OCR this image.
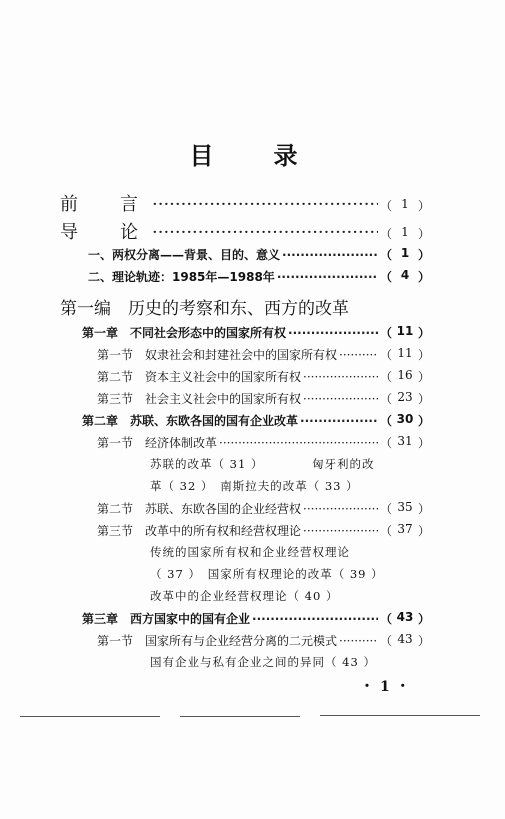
目　录
前　言 ·····	（ 1 ）
导　论 ·····	（ 1 ）
一、两权分离——背景、目的、意义 ·····	（ 1 ）
二、理论轨迹：1985年—1988年 ·····	（ 4 ）
第一编　历史的考察和东、西方的改革
第一章　不同社会形态中的国家所有权 ·····	（ 11 ）
第一节　奴隶社会和封建社会中的国家所有权 ·····	（ 11 ）
第二节　资本主义社会中的国家所有权 ·····	（ 16 ）
第三节　社会主义社会中的国家所有权 ·····	（ 23 ）
第二章　苏联、东欧各国的国有企业改革 ·····	（ 30 ）
第一节　经济体制改革 ·····	（ 31 ）
苏联的改革（ 31 ）	匈牙利的改
革（ 32 ）　南斯拉夫的改革（ 33 ）
第二节　苏联、东欧各国的企业经营权 ·····	（ 35 ）
第三节　改革中的所有权和经营权理论 ·····	（ 37 ）
传统的国家所有权和企业经营权理论
（ 37 ）　国家所有权理论的改革（ 39 ）
改革中的企业经营权理论（ 40 ）
第三章　西方国家中的国有企业 ·····	（ 43 ）
第一节　国家所有与企业经营分离的二元模式 ·····	（ 43 ）
国有企业与私有企业之间的异同（ 43 ）
・1・
